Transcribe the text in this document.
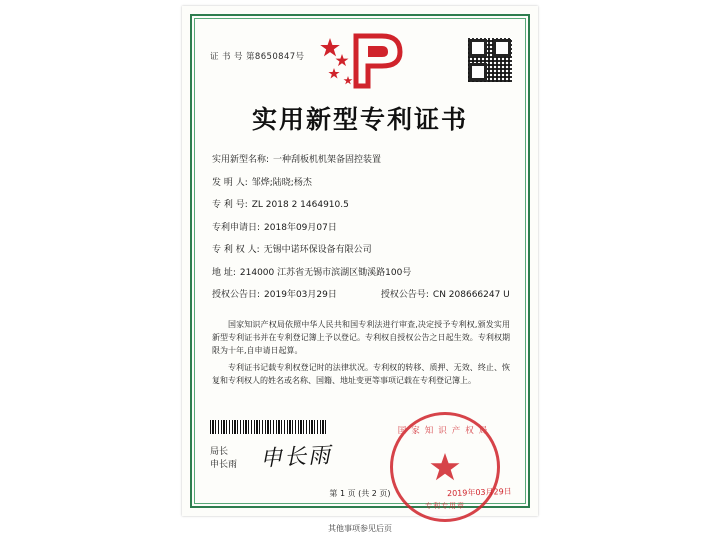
证 书 号 第8650847号
实用新型专利证书
实用新型名称: 一种刮板机机架备固控装置
发 明 人: 邹烨;陆晓;杨杰
专 利 号: ZL 2018 2 1464910.5
专利申请日: 2018年09月07日
专 利 权 人: 无锡中诺环保设备有限公司
地 址: 214000 江苏省无锡市滨湖区锄溪路100号
授权公告日: 2019年03月29日	授权公告号: CN 208666247 U

国家知识产权局依照中华人民共和国专利法进行审查,决定授予专利权,颁发实用新型专利证书并在专利登记簿上予以登记。专利权自授权公告之日起生效。专利权期限为十年,自申请日起算。

专利证书记载专利权登记时的法律状况。专利权的转移、质押、无效、终止、恢复和专利权人的姓名或名称、国籍、地址变更等事项记载在专利登记簿上。

局长
申长雨 申长雨
国家知识产权局
专利专用章
2019年03月29日
第 1 页 (共 2 页)
其他事项参见后页
